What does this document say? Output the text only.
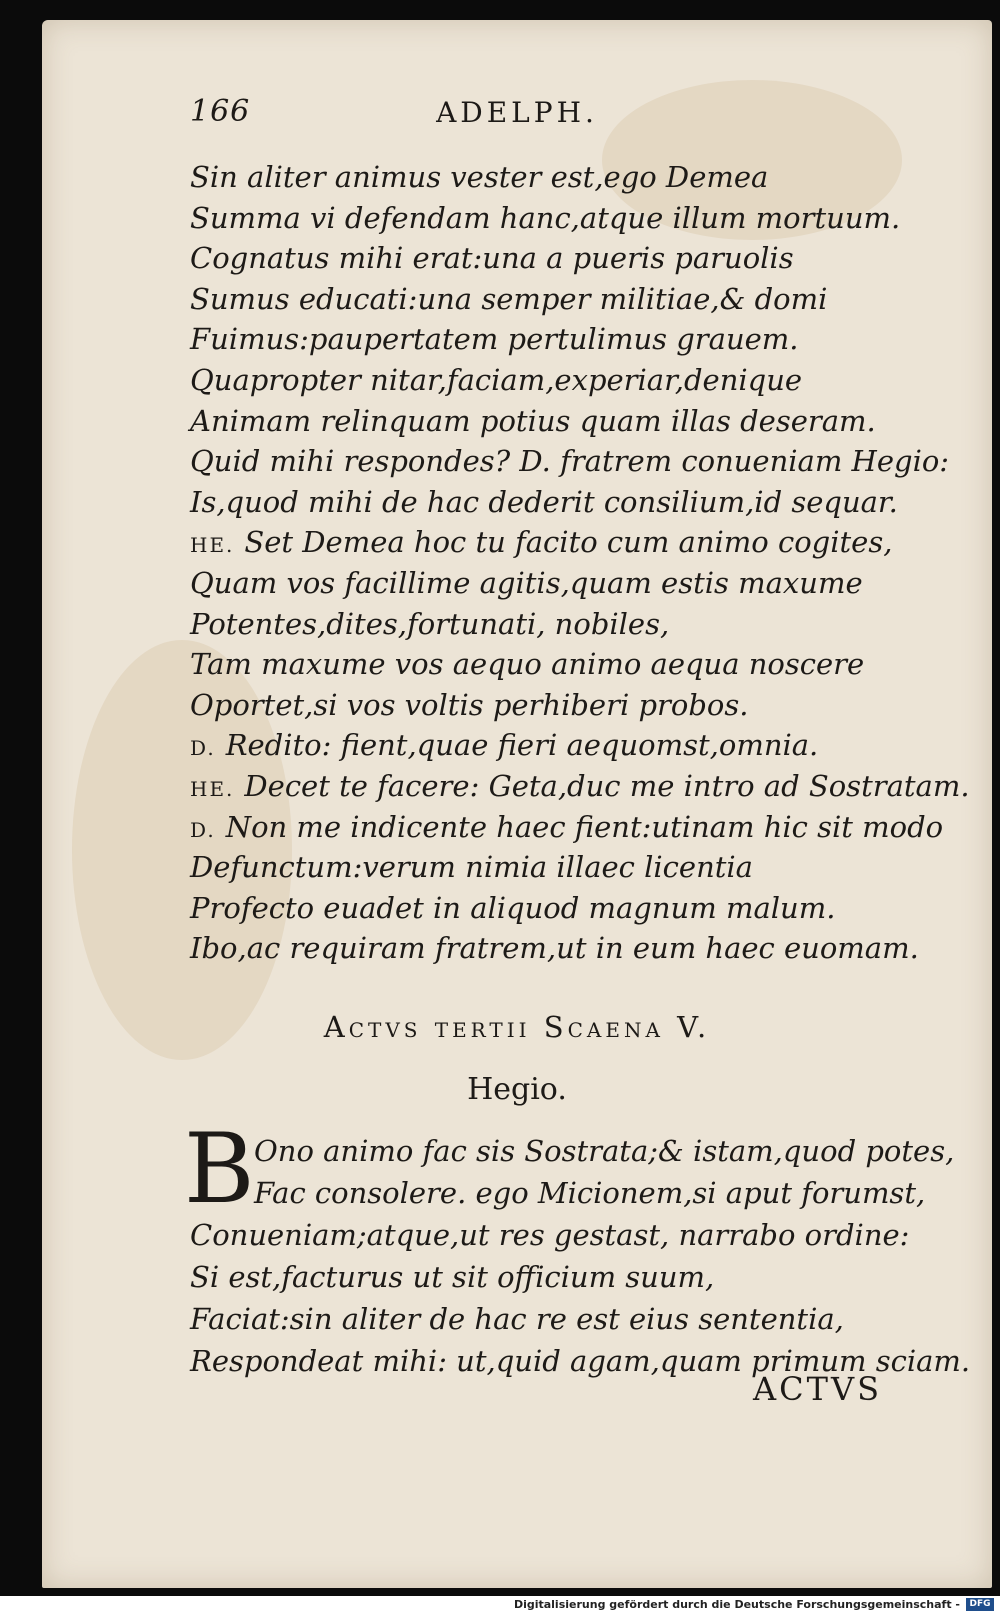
166	ADELPH.
Sin aliter animus vester est,ego Demea
Summa vi defendam hanc,atque illum mortuum.
Cognatus mihi erat:una a pueris paruolis
Sumus educati:una semper militiae,& domi
Fuimus:paupertatem pertulimus grauem.
Quapropter nitar,faciam,experiar,denique
Animam relinquam potius quam illas deseram.
Quid mihi respondes? D. fratrem conueniam Hegio:
Is,quod mihi de hac dederit consilium,id sequar.
HE. Set Demea hoc tu facito cum animo cogites,
Quam vos facillime agitis,quam estis maxume
Potentes,dites,fortunati, nobiles,
Tam maxume vos aequo animo aequa noscere
Oportet,si vos voltis perhiberi probos.
D. Redito: fient,quae fieri aequomst,omnia.
HE. Decet te facere: Geta,duc me intro ad Sostratam.
D. Non me indicente haec fient:utinam hic sit modo
Defunctum:verum nimia illaec licentia
Profecto euadet in aliquod magnum malum.
Ibo,ac requiram fratrem,ut in eum haec euomam.
Actvs tertii Scaena V.
Hegio.
B Ono animo fac sis Sostrata;& istam,quod potes,
Fac consolere. ego Micionem,si aput forumst,
Conueniam;atque,ut res gestast, narrabo ordine:
Si est,facturus ut sit officium suum,
Faciat:sin aliter de hac re est eius sententia,
Respondeat mihi: ut,quid agam,quam primum sciam.
ACTVS
Digitalisierung gefördert durch die Deutsche Forschungsgemeinschaft -	DFG
